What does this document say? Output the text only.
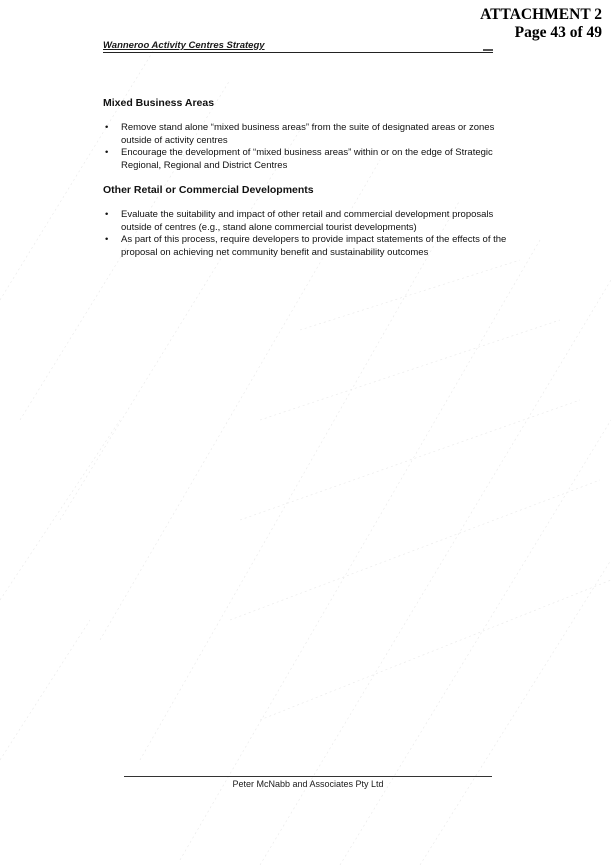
ATTACHMENT 2
Page 43 of 49
Wanneroo Activity Centres Strategy
Mixed Business Areas
• Remove stand alone “mixed business areas” from the suite of designated areas or zones outside of activity centres
• Encourage the development of “mixed business areas” within or on the edge of Strategic Regional, Regional and District Centres
Other Retail or Commercial Developments
• Evaluate the suitability and impact of other retail and commercial development proposals outside of centres (e.g., stand alone commercial tourist developments)
• As part of this process, require developers to provide impact statements of the effects of the proposal on achieving net community benefit and sustainability outcomes
Peter McNabb and Associates Pty Ltd
